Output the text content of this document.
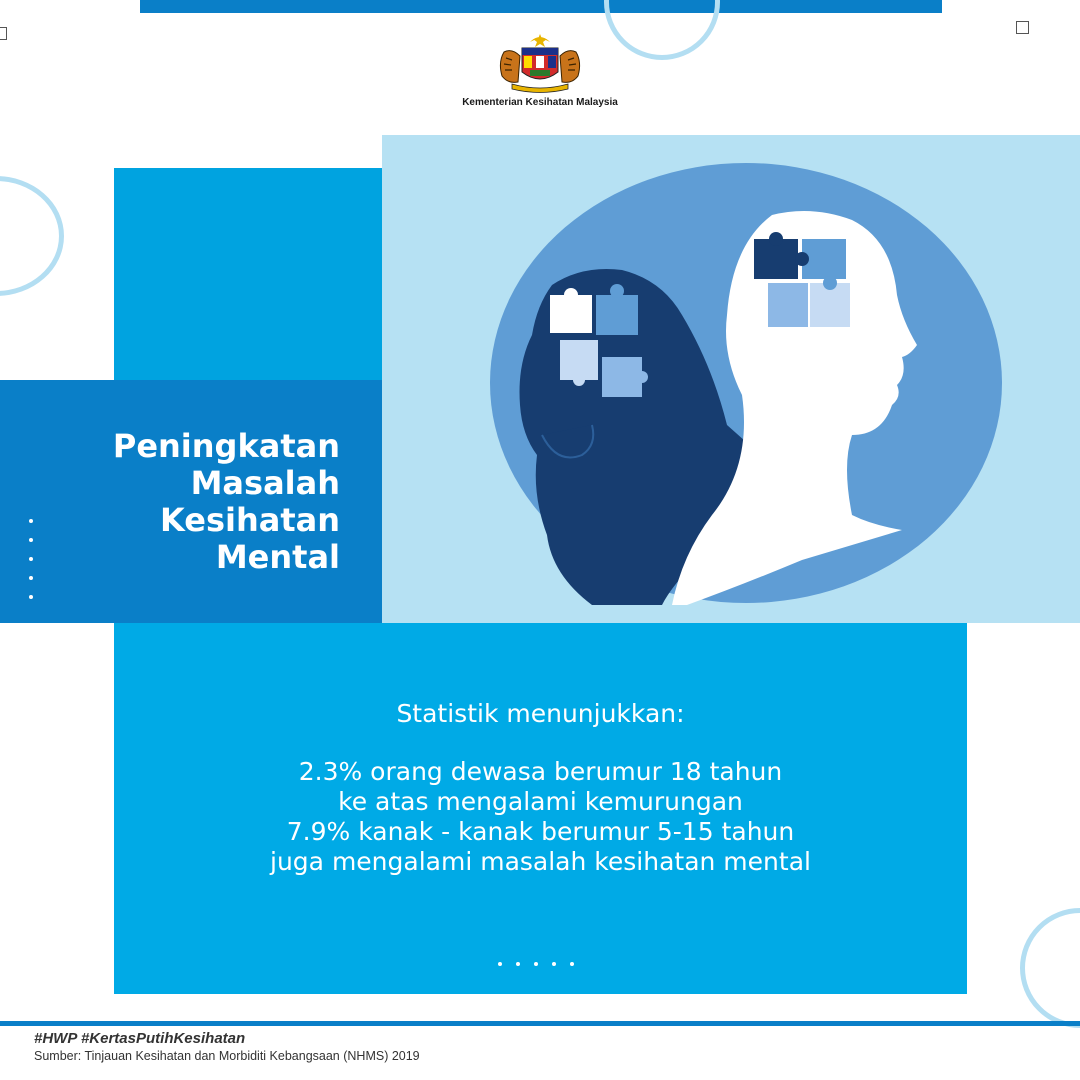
Kementerian Kesihatan Malaysia
Peningkatan
Masalah
Kesihatan
Mental
Statistik menunjukkan:
2.3% orang dewasa berumur 18 tahun
ke atas mengalami kemurungan
7.9% kanak - kanak berumur 5-15 tahun
juga mengalami masalah kesihatan mental
#HWP #KertasPutihKesihatan
Sumber: Tinjauan Kesihatan dan Morbiditi Kebangsaan (NHMS) 2019
